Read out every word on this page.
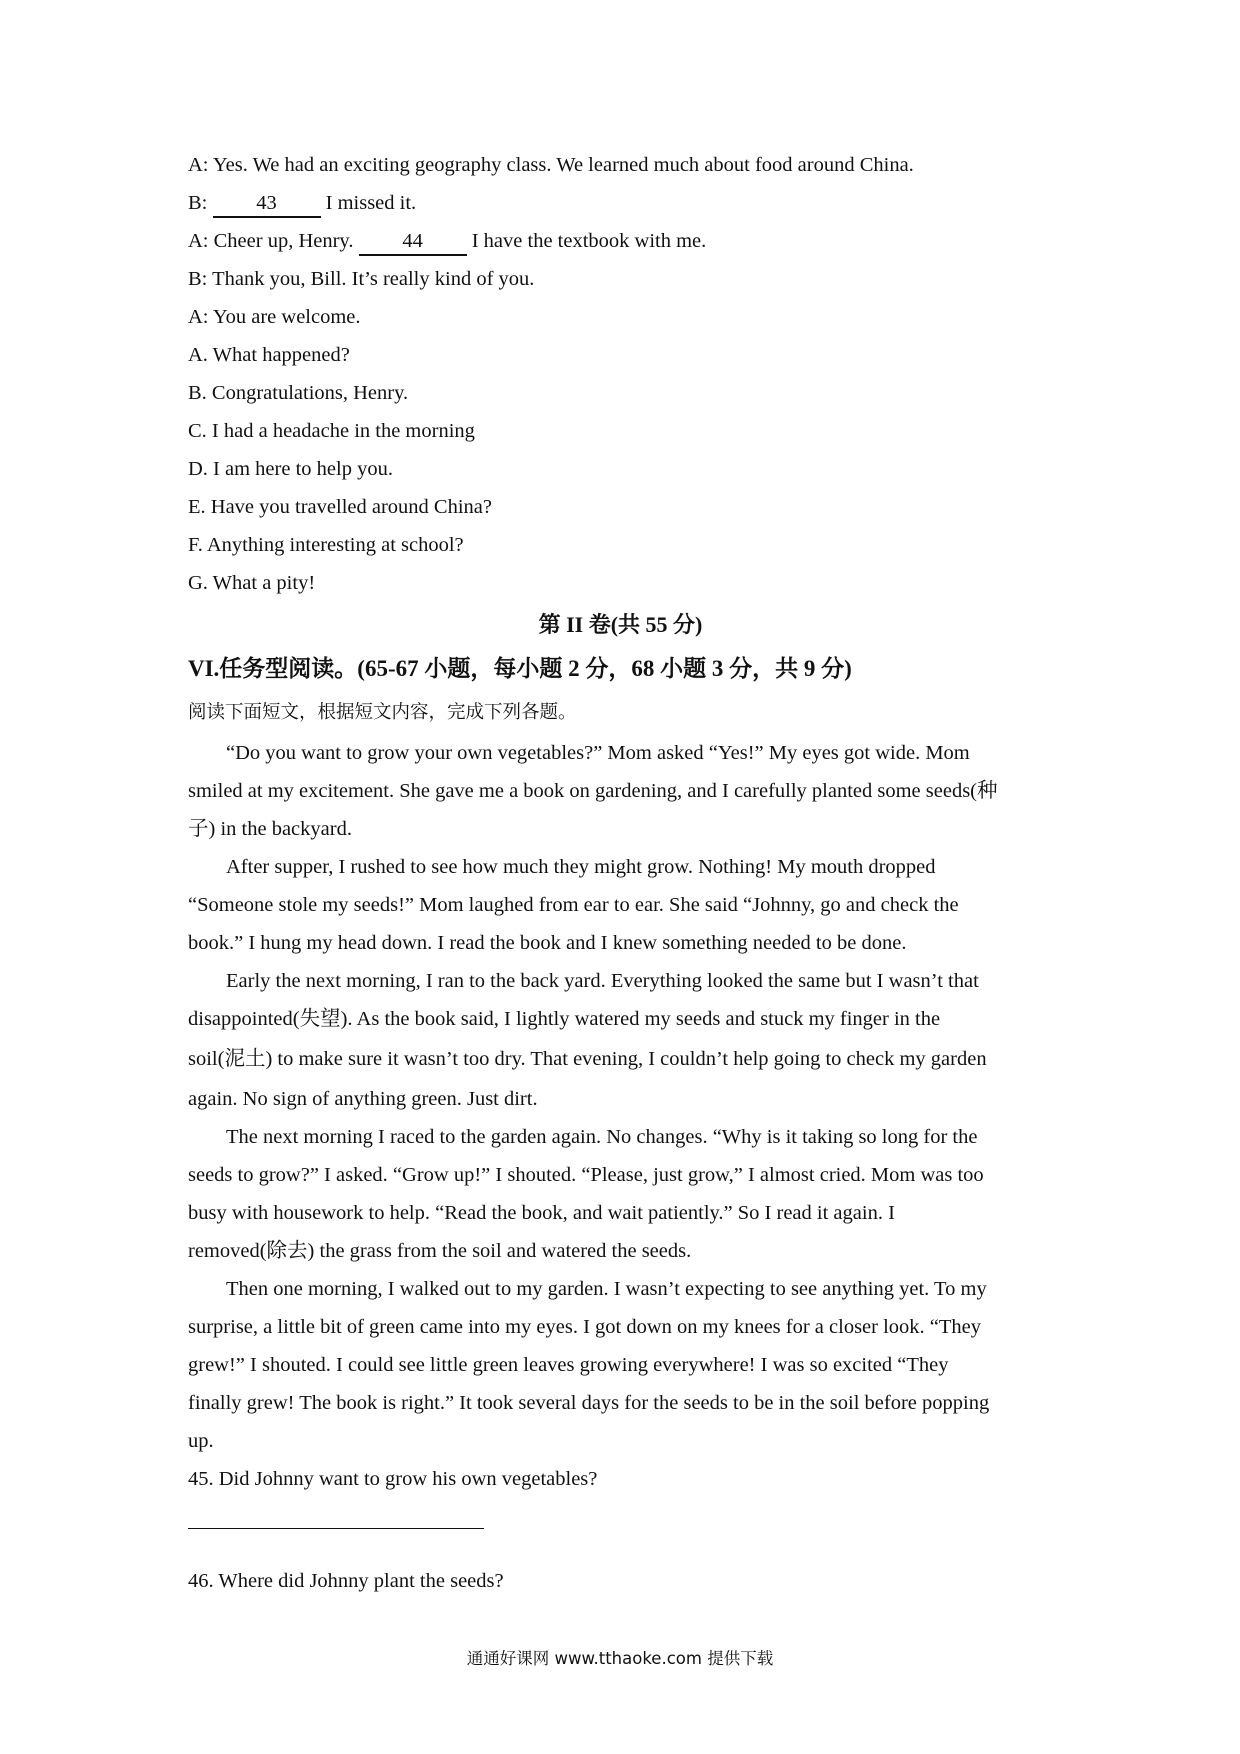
A: Yes. We had an exciting geography class. We learned much about food around China.
B: 43 I missed it.
A: Cheer up, Henry. 44 I have the textbook with me.
B: Thank you, Bill. It’s really kind of you.
A: You are welcome.
A. What happened?
B. Congratulations, Henry.
C. I had a headache in the morning
D. I am here to help you.
E. Have you travelled around China?
F. Anything interesting at school?
G. What a pity!
第 II 卷(共 55 分)
VI.任务型阅读。(65-67 小题，每小题 2 分，68 小题 3 分，共 9 分)
阅读下面短文，根据短文内容，完成下列各题。
“Do you want to grow your own vegetables?” Mom asked “Yes!” My eyes got wide. Mom
smiled at my excitement. She gave me a book on gardening, and I carefully planted some seeds(种
子) in the backyard.
After supper, I rushed to see how much they might grow. Nothing! My mouth dropped
“Someone stole my seeds!” Mom laughed from ear to ear. She said “Johnny, go and check the
book.” I hung my head down. I read the book and I knew something needed to be done.
Early the next morning, I ran to the back yard. Everything looked the same but I wasn’t that
disappointed(失望). As the book said, I lightly watered my seeds and stuck my finger in the
soil(泥土) to make sure it wasn’t too dry. That evening, I couldn’t help going to check my garden
again. No sign of anything green. Just dirt.
The next morning I raced to the garden again. No changes. “Why is it taking so long for the
seeds to grow?” I asked. “Grow up!” I shouted. “Please, just grow,” I almost cried. Mom was too
busy with housework to help. “Read the book, and wait patiently.” So I read it again. I
removed(除去) the grass from the soil and watered the seeds.
Then one morning, I walked out to my garden. I wasn’t expecting to see anything yet. To my
surprise, a little bit of green came into my eyes. I got down on my knees for a closer look. “They
grew!” I shouted. I could see little green leaves growing everywhere! I was so excited “They
finally grew! The book is right.” It took several days for the seeds to be in the soil before popping
up.
45. Did Johnny want to grow his own vegetables?
46. Where did Johnny plant the seeds?
通通好课网 www.tthaoke.com 提供下载
